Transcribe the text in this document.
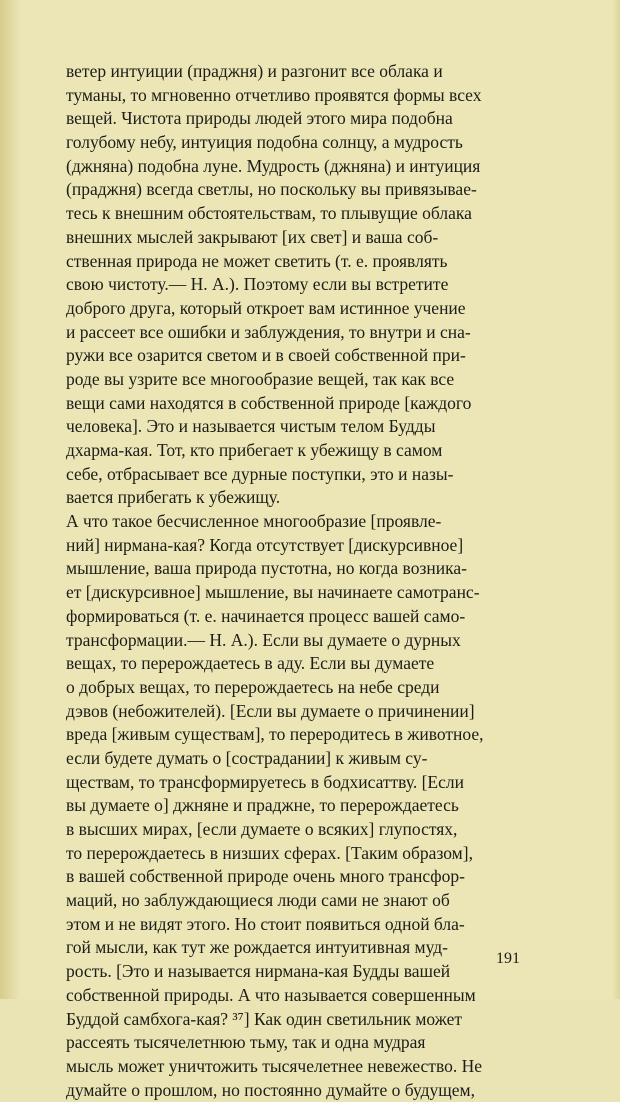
ветер интуиции (праджня) и разгонит все облака и
туманы, то мгновенно отчетливо проявятся формы всех
вещей. Чистота природы людей этого мира подобна
голубому небу, интуиция подобна солнцу, а мудрость
(джняна) подобна луне. Мудрость (джняна) и интуиция
(праджня) всегда светлы, но поскольку вы привязывае-
тесь к внешним обстоятельствам, то плывущие облака
внешних мыслей закрывают [их свет] и ваша соб-
ственная природа не может светить (т. е. проявлять
свою чистоту.— Н. А.). Поэтому если вы встретите
доброго друга, который откроет вам истинное учение
и рассеет все ошибки и заблуждения, то внутри и сна-
ружи все озарится светом и в своей собственной при-
роде вы узрите все многообразие вещей, так как все
вещи сами находятся в собственной природе [каждого
человека]. Это и называется чистым телом Будды
дхарма-кая. Тот, кто прибегает к убежищу в самом
себе, отбрасывает все дурные поступки, это и назы-
вается прибегать к убежищу.
А что такое бесчисленное многообразие [проявле-
ний] нирмана-кая? Когда отсутствует [дискурсивное]
мышление, ваша природа пустотна, но когда возника-
ет [дискурсивное] мышление, вы начинаете самотранс-
формироваться (т. е. начинается процесс вашей само-
трансформации.— Н. А.). Если вы думаете о дурных
вещах, то перерождаетесь в аду. Если вы думаете
о добрых вещах, то перерождаетесь на небе среди
дэвов (небожителей). [Если вы думаете о причинении]
вреда [живым существам], то переродитесь в животное,
если будете думать о [сострадании] к живым су-
ществам, то трансформируетесь в бодхисаттву. [Если
вы думаете о] джняне и праджне, то перерождаетесь
в высших мирах, [если думаете о всяких] глупостях,
то перерождаетесь в низших сферах. [Таким образом],
в вашей собственной природе очень много трансфор-
маций, но заблуждающиеся люди сами не знают об
этом и не видят этого. Но стоит появиться одной бла-
гой мысли, как тут же рождается интуитивная муд-
рость. [Это и называется нирмана-кая Будды вашей
собственной природы. А что называется совершенным
Буддой самбхога-кая? ³⁷] Как один светильник может
рассеять тысячелетнюю тьму, так и одна мудрая
мысль может уничтожить тысячелетнее невежество. Не
думайте о прошлом, но постоянно думайте о будущем,
191
